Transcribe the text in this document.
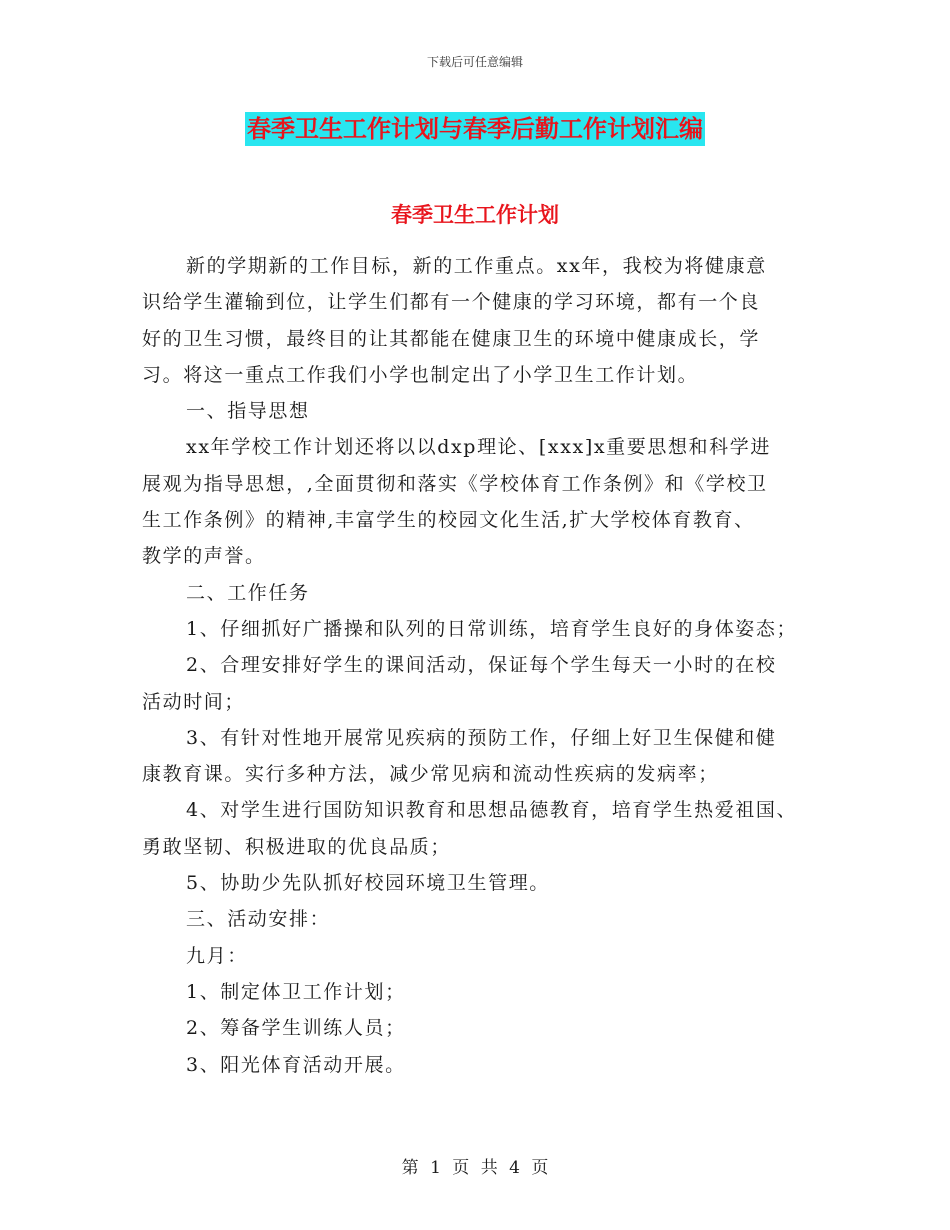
下载后可任意编辑
春季卫生工作计划与春季后勤工作计划汇编
春季卫生工作计划

新的学期新的工作目标，新的工作重点。xx年，我校为将健康意
识给学生灌输到位，让学生们都有一个健康的学习环境，都有一个良
好的卫生习惯，最终目的让其都能在健康卫生的环境中健康成长，学
习。将这一重点工作我们小学也制定出了小学卫生工作计划。

一、指导思想

xx年学校工作计划还将以以dxp理论、[xxx]x重要思想和科学进
展观为指导思想，,全面贯彻和落实《学校体育工作条例》和《学校卫
生工作条例》的精神,丰富学生的校园文化生活,扩大学校体育教育、
教学的声誉。

二、工作任务

1、仔细抓好广播操和队列的日常训练，培育学生良好的身体姿态；

2、合理安排好学生的课间活动，保证每个学生每天一小时的在校
活动时间；

3、有针对性地开展常见疾病的预防工作，仔细上好卫生保健和健
康教育课。实行多种方法，减少常见病和流动性疾病的发病率；

4、对学生进行国防知识教育和思想品德教育，培育学生热爱祖国、
勇敢坚韧、积极进取的优良品质；

5、协助少先队抓好校园环境卫生管理。

三、活动安排：

九月：

1、制定体卫工作计划；

2、筹备学生训练人员；

3、阳光体育活动开展。

第 1 页 共 4 页
